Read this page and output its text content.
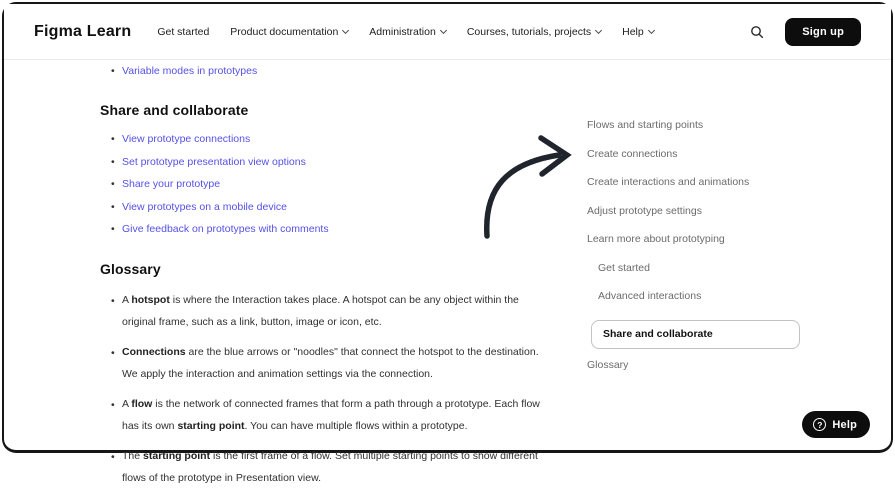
Figma Learn Get started Product documentation	Administration	Courses, tutorials, projects	Help	Sign up
• Variable modes in prototypes
Share and collaborate
• View prototype connections
• Set prototype presentation view options
• Share your prototype
• View prototypes on a mobile device
• Give feedback on prototypes with comments
Glossary
• A hotspot is where the Interaction takes place. A hotspot can be any object within the original frame, such as a link, button, image or icon, etc.
• Connections are the blue arrows or "noodles" that connect the hotspot to the destination. We apply the interaction and animation settings via the connection.
• A flow is the network of connected frames that form a path through a prototype. Each flow has its own starting point. You can have multiple flows within a prototype.
• The starting point is the first frame of a flow. Set multiple starting points to show different flows of the prototype in Presentation view.
Flows and starting points
Create connections
Create interactions and animations
Adjust prototype settings
Learn more about prototyping
Get started
Advanced interactions
Share and collaborate
Glossary
? Help
